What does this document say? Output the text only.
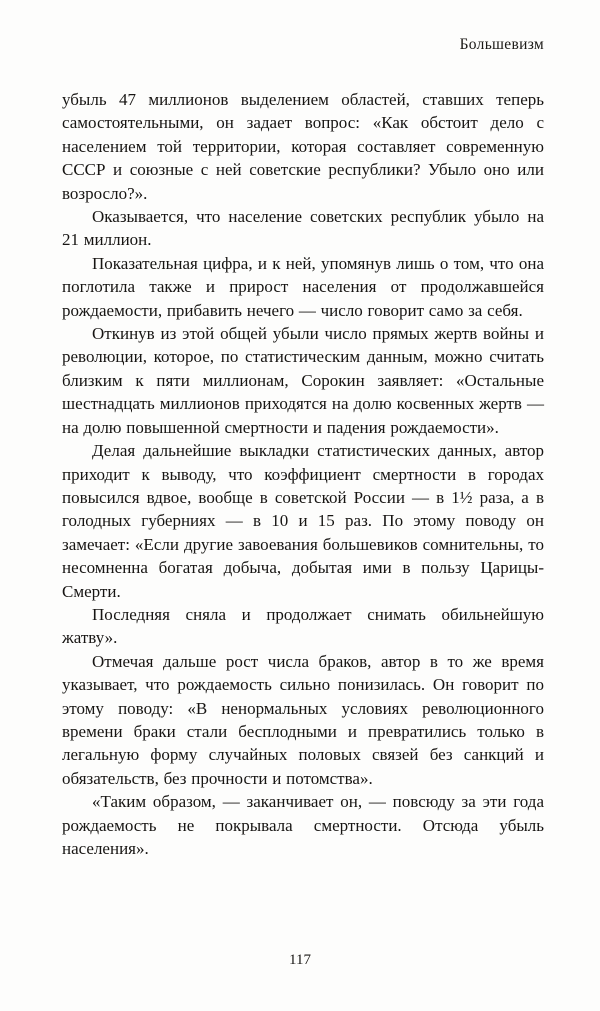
Большевизм

убыль 47 миллионов выделением областей, ставших теперь самостоятельными, он задает вопрос: «Как обстоит дело с населением той территории, которая составляет современную СССР и союзные с ней советские республики? Убыло оно или возросло?».

Оказывается, что население советских республик убыло на 21 миллион.

Показательная цифра, и к ней, упомянув лишь о том, что она поглотила также и прирост населения от продолжавшейся рождаемости, прибавить нечего — число говорит само за себя.

Откинув из этой общей убыли число прямых жертв войны и революции, которое, по статистическим данным, можно считать близким к пяти миллионам, Сорокин заявляет: «Остальные шестнадцать миллионов приходятся на долю косвенных жертв — на долю повышенной смертности и падения рождаемости».

Делая дальнейшие выкладки статистических данных, автор приходит к выводу, что коэффициент смертности в городах повысился вдвое, вообще в советской России — в 1½ раза, а в голодных губерниях — в 10 и 15 раз. По этому поводу он замечает: «Если другие завоевания большевиков сомнительны, то несомненна богатая добыча, добытая ими в пользу Царицы-Смерти.

Последняя сняла и продолжает снимать обильнейшую жатву».

Отмечая дальше рост числа браков, автор в то же время указывает, что рождаемость сильно понизилась. Он говорит по этому поводу: «В ненормальных условиях революционного времени браки стали бесплодными и превратились только в легальную форму случайных половых связей без санкций и обязательств, без прочности и потомства».

«Таким образом, — заканчивает он, — повсюду за эти года рождаемость не покрывала смертности. Отсюда убыль населения».

117
